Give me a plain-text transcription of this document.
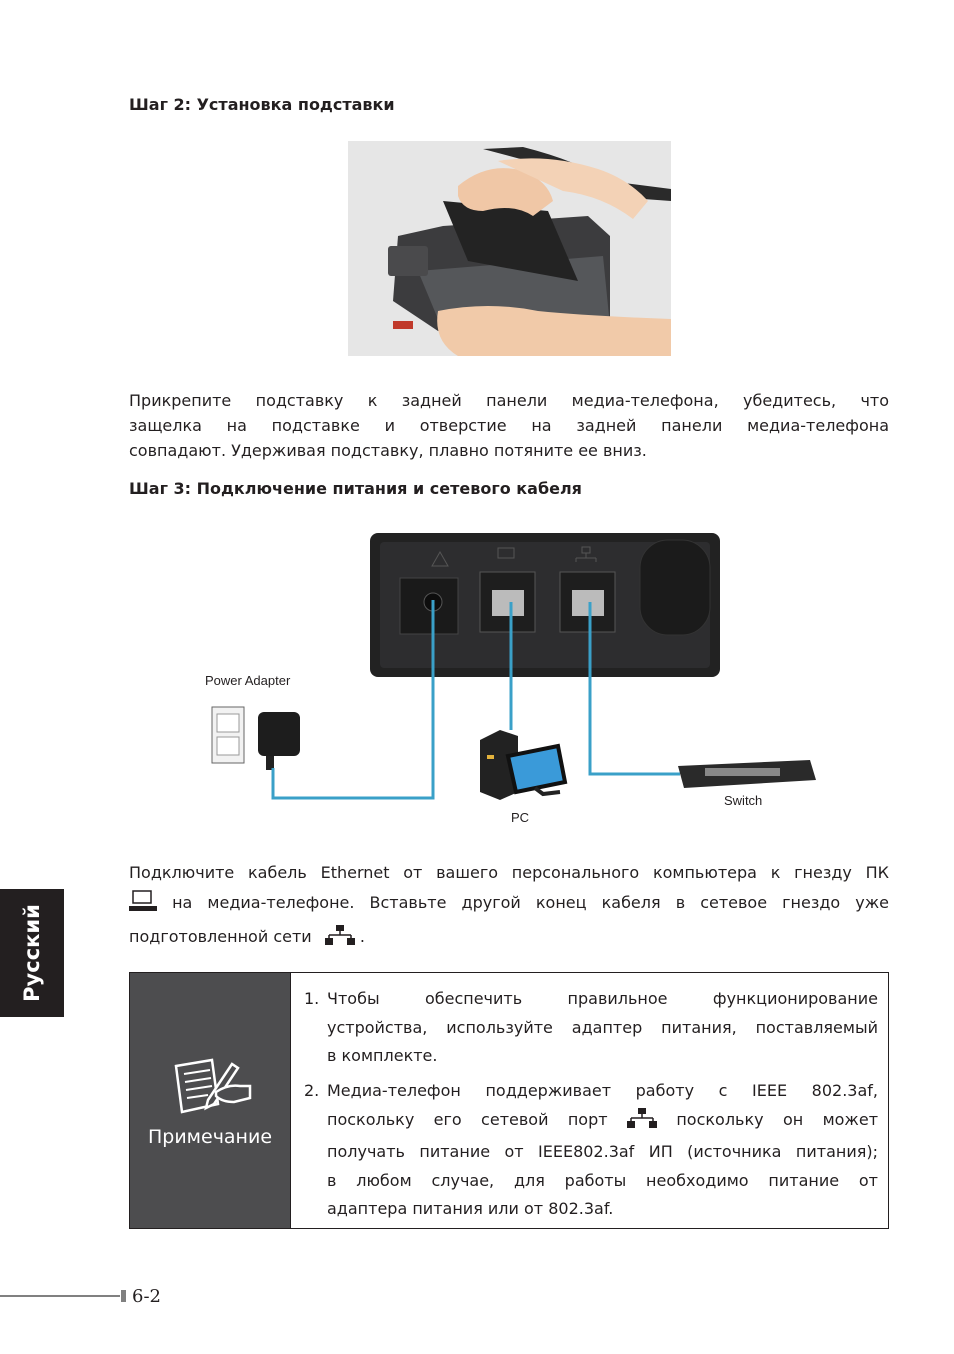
Шаг 2: Установка подставки

Прикрепите подставку к задней панели медиа-телефона, убедитесь, что
защелка на подставке и отверстие на задней панели медиа-телефона
совпадают. Удерживая подставку, плавно потяните ее вниз.

Шаг 3: Подключение питания и сетевого кабеля
Power Adapter
PC
Switch
Подключите кабель Ethernet от вашего персонального компьютера к гнезду ПК
на медиа-телефоне. Вставьте другой конец кабеля в сетевое гнездо уже
подготовленной сети	.
Русский
Примечание
1. Чтобы обеспечить правильное функционирование
устройства, используйте адаптер питания, поставляемый
в комплекте.
2. Медиа-телефон поддерживает работу с IEEE 802.3af,
поскольку его сетевой порт	поскольку он может
получать питание от IEEE802.3af ИП (источника питания);
в любом случае, для работы необходимо питание от
адаптера питания или от 802.3af.
6-2
